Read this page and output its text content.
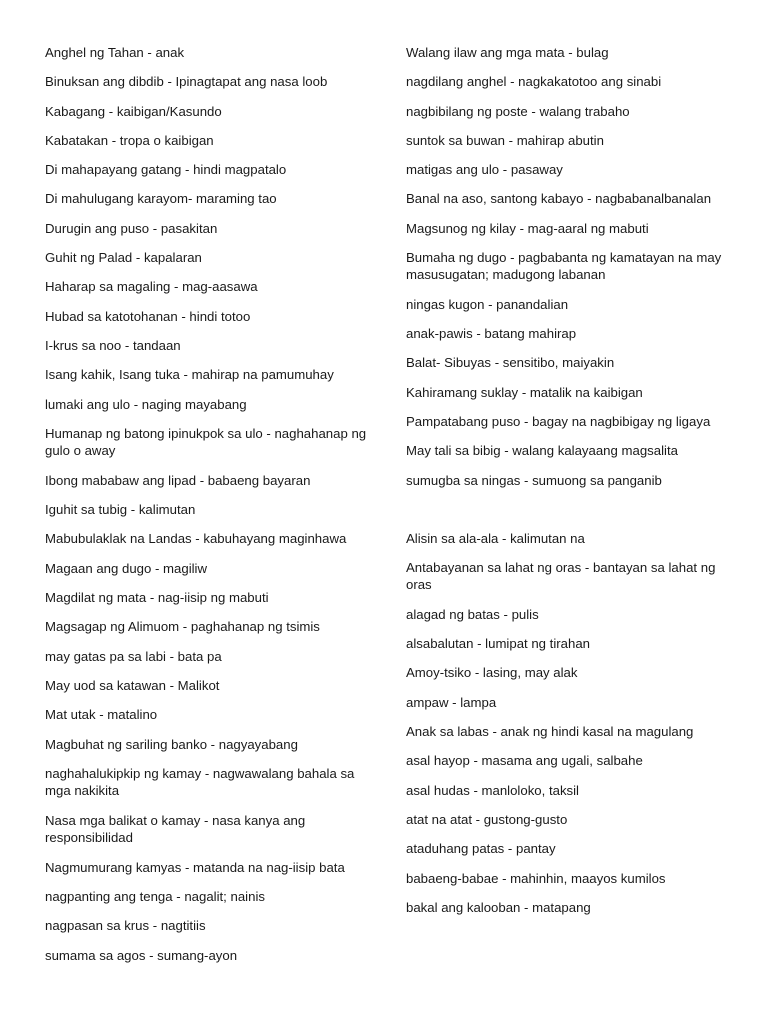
Anghel ng Tahan - anak
Binuksan ang dibdib - Ipinagtapat ang nasa loob
Kabagang - kaibigan/Kasundo
Kabatakan - tropa o kaibigan
Di mahapayang gatang - hindi magpatalo
Di mahulugang karayom- maraming tao
Durugin ang puso - pasakitan
Guhit ng Palad - kapalaran
Haharap sa magaling - mag-aasawa
Hubad sa katotohanan - hindi totoo
I-krus sa noo - tandaan
Isang kahik, Isang tuka - mahirap na pamumuhay
lumaki ang ulo - naging mayabang
Humanap ng batong ipinukpok sa ulo - naghahanap ng gulo o away
Ibong mababaw ang lipad - babaeng bayaran
Iguhit sa tubig - kalimutan
Mabubulaklak na Landas - kabuhayang maginhawa
Magaan ang dugo - magiliw
Magdilat ng mata - nag-iisip ng mabuti
Magsagap ng Alimuom - paghahanap ng tsimis
may gatas pa sa labi - bata pa
May uod sa katawan - Malikot
Mat utak - matalino
Magbuhat ng sariling banko - nagyayabang
naghahalukipkip ng kamay - nagwawalang bahala sa mga nakikita
Nasa mga balikat o kamay - nasa kanya ang responsibilidad
Nagmumurang kamyas - matanda na nag-iisip bata
nagpanting ang tenga - nagalit; nainis
nagpasan sa krus - nagtitiis
sumama sa agos - sumang-ayon
Walang ilaw ang mga mata - bulag
nagdilang anghel - nagkakatotoo ang sinabi
nagbibilang ng poste - walang trabaho
suntok sa buwan - mahirap abutin
matigas ang ulo - pasaway
Banal na aso, santong kabayo - nagbabanalbanalan
Magsunog ng kilay - mag-aaral ng mabuti
Bumaha ng dugo - pagbabanta ng kamatayan na may masusugatan; madugong labanan
ningas kugon - panandalian
anak-pawis - batang mahirap
Balat- Sibuyas - sensitibo, maiyakin
Kahiramang suklay - matalik na kaibigan
Pampatabang puso - bagay na nagbibigay ng ligaya
May tali sa bibig - walang kalayaang magsalita
sumugba sa ningas - sumuong sa panganib
Alisin sa ala-ala - kalimutan na
Antabayanan sa lahat ng oras - bantayan sa lahat ng oras
alagad ng batas - pulis
alsabalutan - lumipat ng tirahan
Amoy-tsiko - lasing, may alak
ampaw - lampa
Anak sa labas - anak ng hindi kasal na magulang
asal hayop - masama ang ugali, salbahe
asal hudas - manloloko, taksil
atat na atat - gustong-gusto
ataduhang patas - pantay
babaeng-babae - mahinhin, maayos kumilos
bakal ang kalooban - matapang
